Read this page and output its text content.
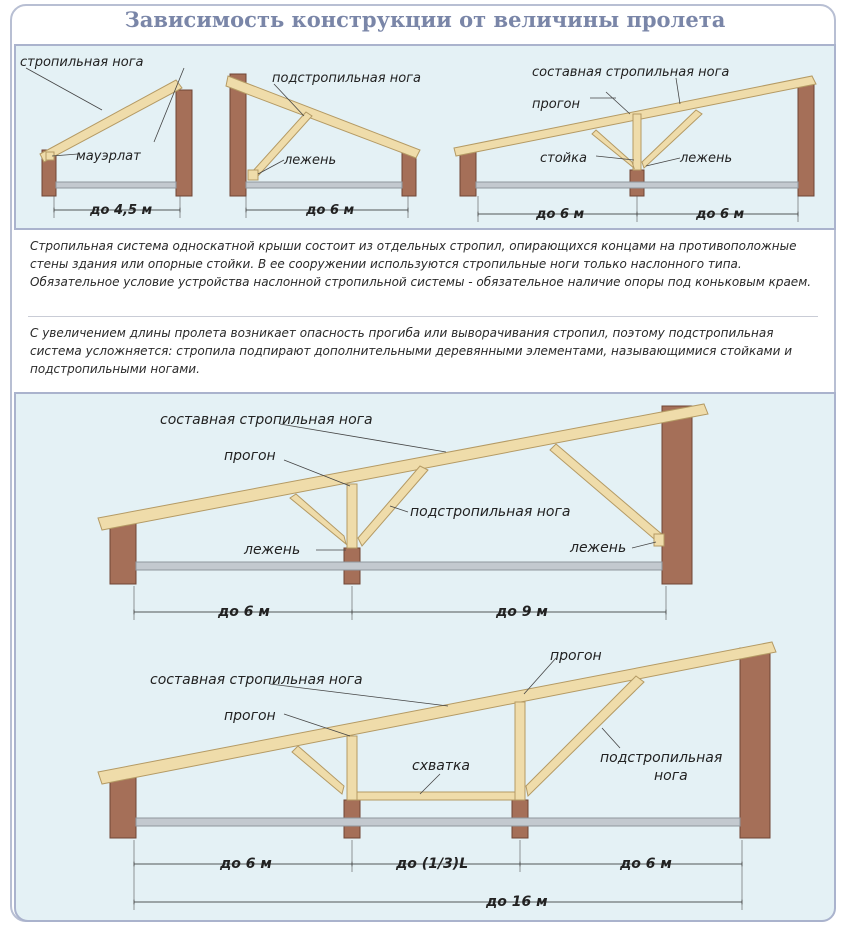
Зависимость конструкции от величины пролета
стропильная нога
мауэрлат
до 4,5 м
подстропильная нога
лежень
до 6 м
составная стропильная нога
прогон
стойка	лежень
до 6 м	до 6 м
Стропильная система односкатной крыши состоит из отдельных стропил, опирающихся концами на противоположные стены здания или опорные стойки. В ее сооружении используются стропильные ноги только наслонного типа. Обязательное условие устройства наслонной стропильной системы - обязательное наличие опоры под коньковым краем.
С увеличением длины пролета возникает опасность прогиба или выворачивания стропил, поэтому подстропильная система усложняется: стропила подпирают дополнительными деревянными элементами, называющимися стойками и подстропильными ногами.
составная стропильная нога
прогон
подстропильная нога
лежень	лежень
до 6 м	до 9 м
прогон
составная стропильная нога
прогон
схватка	подстропильная
нога
до 6 м	до (1/3)L	до 6 м
до 16 м
